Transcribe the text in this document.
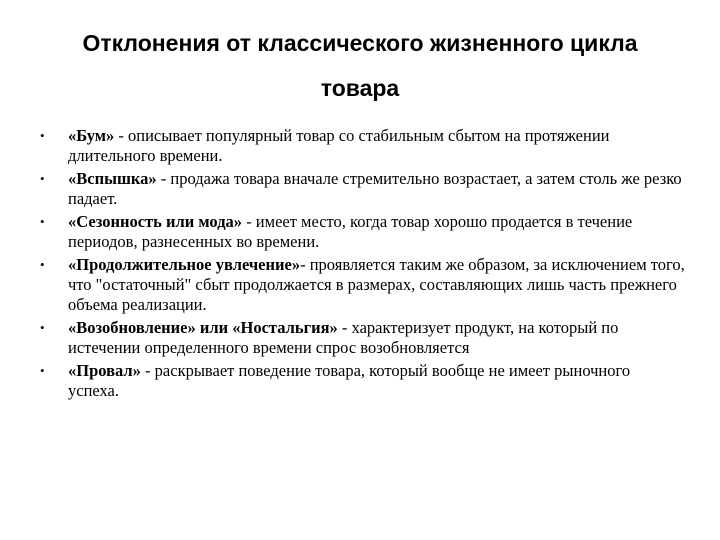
Отклонения от классического жизненного цикла
товара
•	«Бум» - описывает популярный товар со стабильным сбытом на протяжении длительного времени.
•	«Вспышка» - продажа товара вначале стремительно возрастает, а затем столь же резко падает.
•	«Сезонность или мода» - имеет место, когда товар хорошо продается в течение периодов, разнесенных во времени.
•	«Продолжительное увлечение»- проявляется таким же образом, за исключением того, что "остаточный" сбыт продолжается в размерах, составляющих лишь часть прежнего объема реализации.
•	«Возобновление» или «Ностальгия» - характеризует продукт, на который по истечении определенного времени спрос возобновляется
•	«Провал» - раскрывает поведение товара, который вообще не имеет рыночного успеха.
